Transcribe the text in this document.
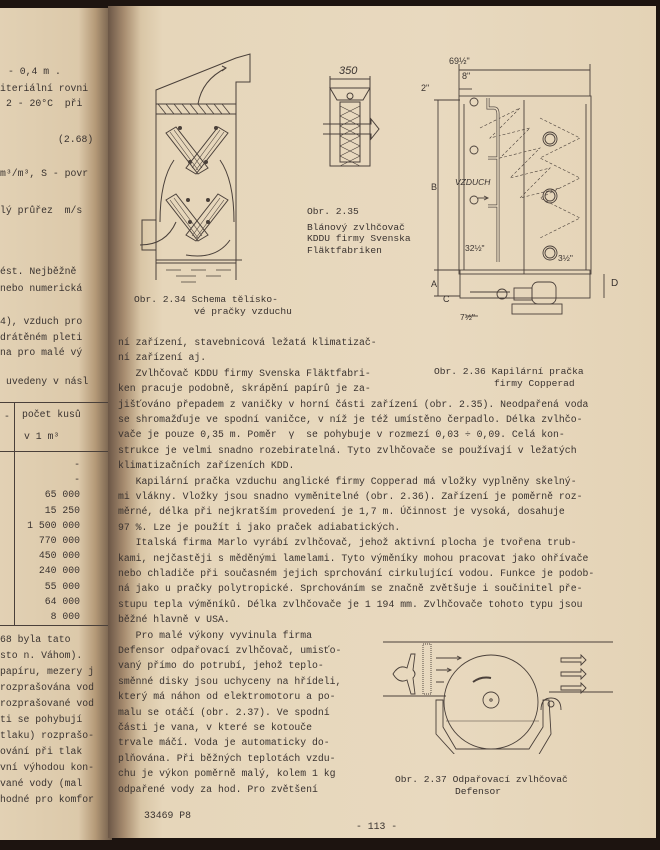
- 0,4 m .
iteriální rovni
2 - 20°C  při
(2.68)
m³/m³, S - povr
lý průřez  m/s
ést. Nejběžně
nebo numerická
4), vzduch pro
drátěném pleti
na pro malé vý
uvedeny v násl
-	počet kusů
v 1 m³
-
-
65 000
15 250
1 500 000
770 000
450 000
240 000
55 000
64 000
8 000
68 byla tato
sto n. Váhom).
papíru, mezery j
rozprašována vod
rozprašované vod
ti se pohybují
tlaku) rozprašo-
ování při tlak
vní výhodou kon-
vané vody (mal
hodné pro komfor
Obr. 2.34 Schema tělísko-
vé pračky vzduchu
350
Obr. 2.35
Blánový zvlhčovač
KDDU firmy Svenska
Fläktfabriken
69½"
8"
2"
B
A
C
D
VZDUCH
32½"
3½"
7½"
Obr. 2.36 Kapilární pračka
firmy Copperad
Obr. 2.37 Odpařovací zvlhčovač
Defensor
ní zařízení, stavebnicová ležatá klimatizač-
ní zařízení aj.
Zvlhčovač KDDU firmy Svenska Fläktfabri-
ken pracuje podobně, skrápění papírů je za-
jišťováno přepadem z vaničky v horní části zařízení (obr. 2.35). Neodpařená voda
se shromažďuje ve spodní vaničce, v níž je též umístěno čerpadlo. Délka zvlhčo-
vače je pouze 0,35 m. Poměr  γ  se pohybuje v rozmezí 0,03 ÷ 0,09. Celá kon-
strukce je velmi snadno rozebiratelná. Tyto zvlhčovače se používají v ležatých
klimatizačních zařízeních KDD.
Kapilární pračka vzduchu anglické firmy Copperad má vložky vyplněny skelný-
mi vlákny. Vložky jsou snadno vyměnitelné (obr. 2.36). Zařízení je poměrně roz-
měrné, délka při nejkratším provedení je 1,7 m. Účinnost je vysoká, dosahuje
97 %. Lze je použít i jako praček adiabatických.
Italská firma Marlo vyrábí zvlhčovač, jehož aktivní plocha je tvořena trub-
kami, nejčastěji s měděnými lamelami. Tyto výměníky mohou pracovat jako ohřívače
nebo chladiče při současném jejich sprchování cirkulující vodou. Funkce je podob-
ná jako u pračky polytropické. Sprchováním se značně zvětšuje i součinitel pře-
stupu tepla výměníků. Délka zvlhčovače je 1 194 mm. Zvlhčovače tohoto typu jsou
běžné hlavně v USA.
Pro malé výkony vyvinula firma
Defensor odpařovací zvlhčovač, umisťo-
vaný přímo do potrubí, jehož teplo-
směnné disky jsou uchyceny na hřídeli,
který má náhon od elektromotoru a po-
malu se otáčí (obr. 2.37). Ve spodní
části je vana, v které se kotouče
trvale máčí. Voda je automaticky do-
plňována. Při běžných teplotách vzdu-
chu je výkon poměrně malý, kolem 1 kg
odpařené vody za hod. Pro zvětšení
33469 P8
- 113 -
